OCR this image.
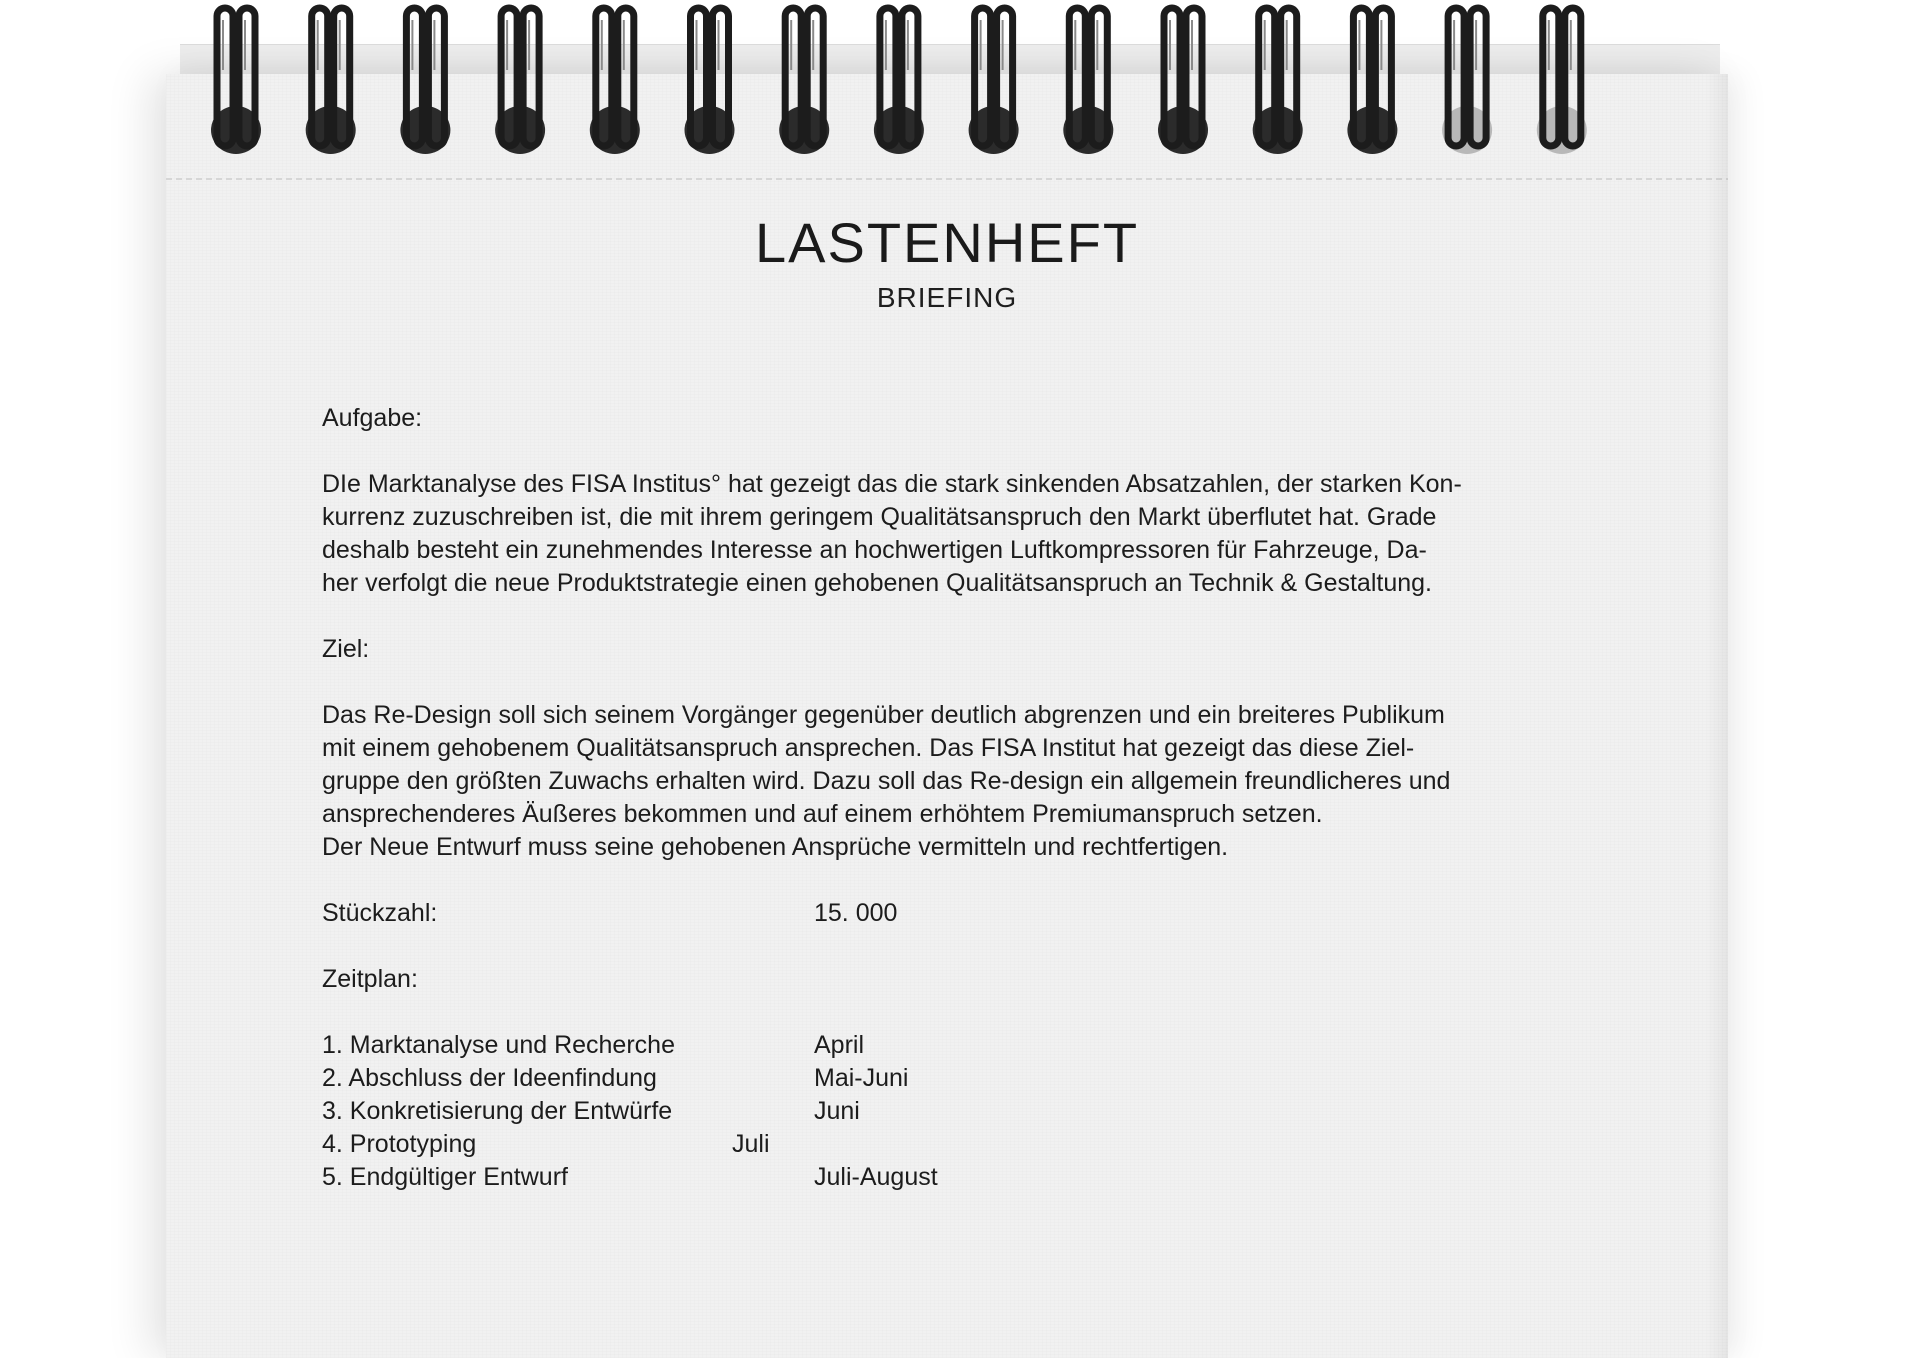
LASTENHEFT
BRIEFING

Aufgabe:

DIe Marktanalyse des FISA Institus° hat gezeigt das die stark sinkenden Absatzahlen, der starken Kon-

kurrenz zuzuschreiben ist, die mit ihrem geringem Qualitätsanspruch den Markt überflutet hat. Grade

deshalb besteht ein zunehmendes Interesse an hochwertigen Luftkompressoren für Fahrzeuge, Da-

her verfolgt die neue Produktstrategie einen gehobenen Qualitätsanspruch an Technik & Gestaltung.

Ziel:

Das Re-Design soll sich seinem Vorgänger gegenüber deutlich abgrenzen und ein breiteres Publikum

mit einem gehobenem Qualitätsanspruch ansprechen. Das FISA Institut hat gezeigt das diese Ziel-

gruppe den größten Zuwachs erhalten wird. Dazu soll das Re-design ein allgemein freundlicheres und

ansprechenderes Äußeres bekommen und auf einem erhöhtem Premiumanspruch setzen.

Der Neue Entwurf muss seine gehobenen Ansprüche vermitteln und rechtfertigen.

Stückzahl:	15. 000

Zeitplan:

1. Marktanalyse und Recherche	April
2. Abschluss der Ideenfindung	Mai-Juni
3. Konkretisierung der Entwürfe	Juni
4. Prototyping	Juli
5. Endgültiger Entwurf	Juli-August
